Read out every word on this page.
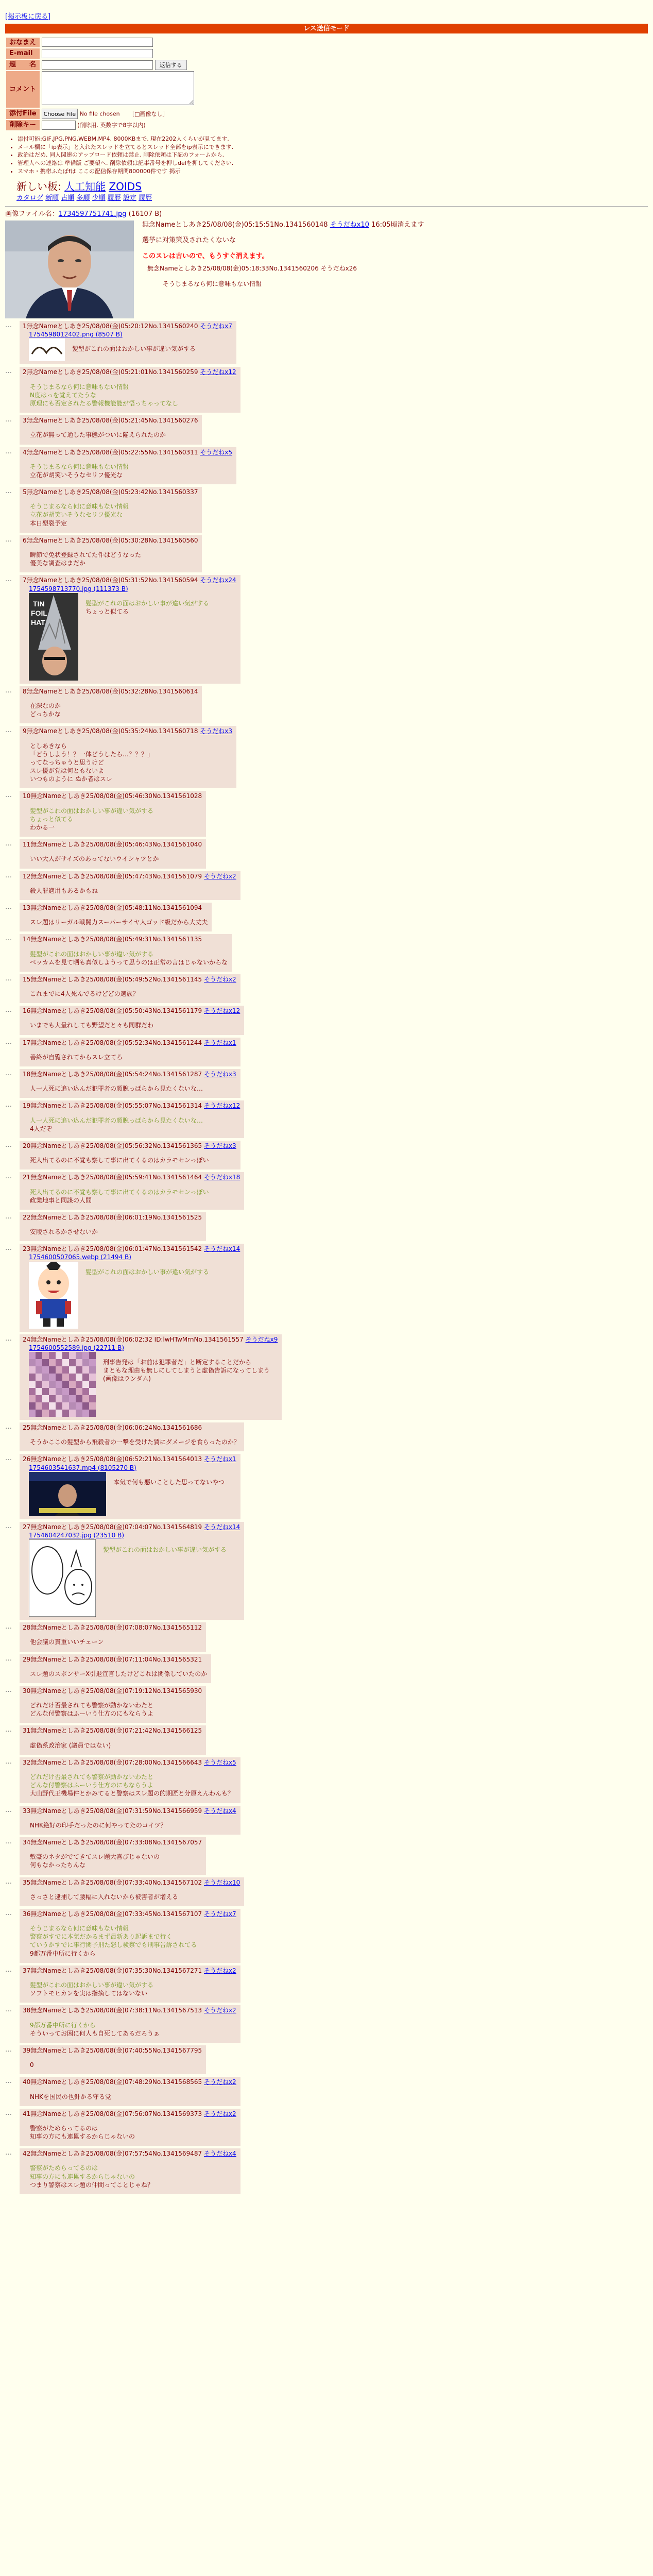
[掲示板に戻る]
レス送信モード
おなまえ	
E-mail	
題　　名	返信する
コメント	
添付File	Choose File No file chosen ［□画像なし］
削除キー	(削除用. 英数字で8字以内)
• 添付可能:GIF,JPG,PNG,WEBM,MP4. 8000KBまで. 現在2202人くらいが見てます.
• メール欄に「ip表示」と入れたスレッドを立てるとスレッド全部をip表示にできます.
• 政治はだめ. 同人関連のアップロード依頼は禁止. 削除依頼は下記のフォームから.
• 管理人への連絡は 準備版 ご要望へ. 削除依頼は記事番号を押しdelを押してください.
• スマホ・携帯ふたばfは ここの配信保存期間800000件です 掲示
新しい板: 人工知能 ZOIDS
カタログ 新順 古順 多順 少順 履歴 設定 履歴
画像ファイル名：1734597751741.jpg (16107 B)
無念Nameとしあき25/08/08(金)05:15:51No.1341560148 そうだねx10 16:05頃消えます
選挙に対策策及されたくないな
このスレは古いので、もうすぐ消えます。
無念Nameとしあき25/08/08(金)05:18:33No.1341560206 そうだねx26
そうじまるなら何に意味もない情報
…	1無念Nameとしあき25/08/08(金)05:20:12No.1341560240 そうだねx7
1754598012402.png (8507 B)
髪型がこれの面はおかしい事が違い気がする
…	2無念Nameとしあき25/08/08(金)05:21:01No.1341560259 そうだねx12
そうじまるなら何に意味もない情報
N度はっを覚えてたうな
原理にも否定されたる警報機能能が悟っちゃってなし
…	3無念Nameとしあき25/08/08(金)05:21:45No.1341560276
立花が無って通した事態がついに陥えられたのか
…	4無念Nameとしあき25/08/08(金)05:22:55No.1341560311 そうだねx5
そうじまるなら何に意味もない情報
立花が胡笑いそうなセリフ優光な
…	5無念Nameとしあき25/08/08(金)05:23:42No.1341560337
そうじまるなら何に意味もない情報
立花が胡笑いそうなセリフ優光な
本日型裂予定
…	6無念Nameとしあき25/08/08(金)05:30:28No.1341560560
瞬節で免状登録されてた件はどうなった
優美な調査はまだか
…	7無念Nameとしあき25/08/08(金)05:31:52No.1341560594 そうだねx24
1754598713770.jpg (111373 B)
TIN
FOIL
HAT
髪型がこれの面はおかしい事が違い気がする
ちょっと似てる
…	8無念Nameとしあき25/08/08(金)05:32:28No.1341560614
在深なのか
どっちかな
…	9無念Nameとしあき25/08/08(金)05:35:24No.1341560718 そうだねx3
としあきなら
「どうしよう！？一体どうしたら…？？？」
ってなっちゃうと思うけど
スレ優が党は何ともないよ
いつものように ぬか者はスレ
…	10無念Nameとしあき25/08/08(金)05:46:30No.1341561028
髪型がこれの面はおかしい事が違い気がする
ちょっと似てる
わかる一
…	11無念Nameとしあき25/08/08(金)05:46:43No.1341561040
いい大人がサイズのあってないウイシャツとか
…	12無念Nameとしあき25/08/08(金)05:47:43No.1341561079 そうだねx2
殺人罪適用もあるかもね
…	13無念Nameとしあき25/08/08(金)05:48:11No.1341561094
スレ題はリーガル戦闘力スーパーサイヤ人ゴッド級だから大丈夫
…	14無念Nameとしあき25/08/08(金)05:49:31No.1341561135
髪型がこれの面はおかしい事が違い気がする
ベッカムを見て晒も真似しようって思うのは正常の言はじゃないからな
…	15無念Nameとしあき25/08/08(金)05:49:52No.1341561145 そうだねx2
これまでに4人死んでるけどどの選族？
…	16無念Nameとしあき25/08/08(金)05:50:43No.1341561179 そうだねx12
いまでも大量れしても野望だと々も同群だわ
…	17無念Nameとしあき25/08/08(金)05:52:34No.1341561244 そうだねx1
善終が自覧されてからスレ立てろ
…	18無念Nameとしあき25/08/08(金)05:54:24No.1341561287 そうだねx3
人一人死に追い込んだ犯罪者の顔睨っぱらから見たくないな…
…	19無念Nameとしあき25/08/08(金)05:55:07No.1341561314 そうだねx12
人一人死に追い込んだ犯罪者の顔睨っぱらから見たくないな…
4人だぞ
…	20無念Nameとしあき25/08/08(金)05:56:32No.1341561365 そうだねx3
死人出てるのに不覚も察して事に出てくるのはカラモセンっぽい
…	21無念Nameとしあき25/08/08(金)05:59:41No.1341561464 そうだねx18
死人出てるのに不覚も察して事に出てくるのはカラモセンっぽい
政業地事と同謀の人間
…	22無念Nameとしあき25/08/08(金)06:01:19No.1341561525
安陵されるかさせないか
…	23無念Nameとしあき25/08/08(金)06:01:47No.1341561542 そうだねx14
1754600507065.webp (21494 B)
髪型がこれの面はおかしい事が違い気がする
…	24無念Nameとしあき25/08/08(金)06:02:32 ID:lwHTwMrnNo.1341561557 そうだねx9
1754600552589.jpg (22711 B)
刑事告発は「お前は犯罪者だ」と断定することだから
まともな理由も無しにしてしまうと虚偽告訴になってしまう
(画像はランダム)
…	25無念Nameとしあき25/08/08(金)06:06:24No.1341561686
そうかここの髪型から飛殺者の一撃を受けた賃にダメージを食らったのか？
…	26無念Nameとしあき25/08/08(金)06:52:21No.1341564013 そうだねx1
1754603541637.mp4 (8105270 B)
本気で何も悪いことした思ってないやつ
…	27無念Nameとしあき25/08/08(金)07:04:07No.1341564819 そうだねx14
1754604247032.jpg (23510 B)
髪型がこれの面はおかしい事が違い気がする
…	28無念Nameとしあき25/08/08(金)07:08:07No.1341565112
他会議の貫重いいチェーン
…	29無念Nameとしあき25/08/08(金)07:11:04No.1341565321
スレ題のスポンサーX引退宣言したけどこれは関係していたのか
…	30無念Nameとしあき25/08/08(金)07:19:12No.1341565930
どれだけ否最されても警察が動かないわたと
どんな付警察はふーいう仕方のにもならうよ
…	31無念Nameとしあき25/08/08(金)07:21:42No.1341566125
虚偽系政治家 (議員ではない)
…	32無念Nameとしあき25/08/08(金)07:28:00No.1341566643 そうだねx5
どれだけ否最されても警察が動かないわたと
どんな付警察はふーいう仕方のにもならうよ
大山野代王機場件とかみてると警察はスレ題の的期匠と分原えんわんも？
…	33無念Nameとしあき25/08/08(金)07:31:59No.1341566959 そうだねx4
NHK絶好の印手だったのに何やってたのコイツ？
…	34無念Nameとしあき25/08/08(金)07:33:08No.1341567057
敷豪のネタがでてきてスレ題大喜びじゃないの
何もなかったちんな
…	35無念Nameとしあき25/08/08(金)07:33:40No.1341567102 そうだねx10
さっさと逮捕して腰幅に入れないから被害者が増える
…	36無念Nameとしあき25/08/08(金)07:33:45No.1341567107 そうだねx7
そうじまるなら何に意味もない情報
警察がすでに本気だかるまず最新あり起訴まで行く
ていうかすでに事行関予刑た怒し検察でも刑事告訴されてる
9都万番中所に行くから
…	37無念Nameとしあき25/08/08(金)07:35:30No.1341567271 そうだねx2
髪型がこれの面はおかしい事が違い気がする
ソフトモヒカンを実は指摘してはないない
…	38無念Nameとしあき25/08/08(金)07:38:11No.1341567513 そうだねx2
9都万番中所に行くから
そういってお困に何人も自死してあるだろうぁ
…	39無念Nameとしあき25/08/08(金)07:40:55No.1341567795
0
…	40無念Nameとしあき25/08/08(金)07:48:29No.1341568565 そうだねx2
NHKを国民の也針かる守る党
…	41無念Nameとしあき25/08/08(金)07:56:07No.1341569373 そうだねx2
警察がためらってるのは
知事の方にも連累するからじゃないの
…	42無念Nameとしあき25/08/08(金)07:57:54No.1341569487 そうだねx4
警察がためらってるのは
知事の方にも連累するからじゃないの
つまり警察はスレ題の仲間ってことじゃね？
